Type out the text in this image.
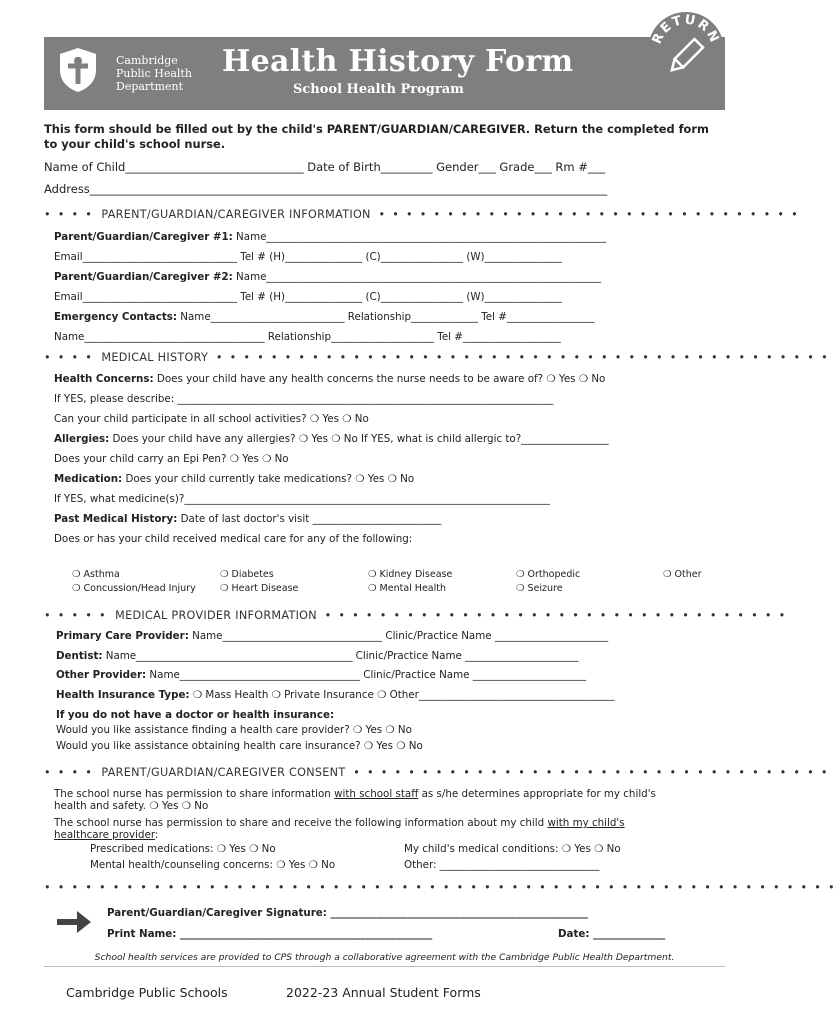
Cambridge
Public Health
Department
Health History Form
School Health Program
RETURN
This form should be filled out by the child's PARENT/GUARDIAN/CAREGIVER. Return the completed form to your child's school nurse.
Name of Child_______________________________ Date of Birth_________ Gender___ Grade___ Rm #___
Address__________________________________________________________________________________________
• • • • PARENT/GUARDIAN/CAREGIVER INFORMATION • • • • • • • • • • • • • • • • • • • • • • • • • • • • • • •
Parent/Guardian/Caregiver #1: Name__________________________________________________________________
Email______________________________ Tel # (H)_______________ (C)________________ (W)_______________
Parent/Guardian/Caregiver #2: Name_________________________________________________________________
Email______________________________ Tel # (H)_______________ (C)________________ (W)_______________
Emergency Contacts: Name__________________________ Relationship_____________ Tel #_________________
Name___________________________________ Relationship____________________ Tel #___________________
• • • • MEDICAL HISTORY • • • • • • • • • • • • • • • • • • • • • • • • • • • • • • • • • • • • • • • • • • • • •
Health Concerns: Does your child have any health concerns the nurse needs to be aware of? ❍ Yes ❍ No
If YES, please describe: _________________________________________________________________________
Can your child participate in all school activities? ❍ Yes ❍ No
Allergies: Does your child have any allergies? ❍ Yes ❍ No If YES, what is child allergic to?_________________
Does your child carry an Epi Pen? ❍ Yes ❍ No
Medication: Does your child currently take medications? ❍ Yes ❍ No
If YES, what medicine(s)?_______________________________________________________________________
Past Medical History: Date of last doctor's visit _________________________
Does or has your child received medical care for any of the following:
❍ Asthma	❍ Diabetes	❍ Kidney Disease	❍ Orthopedic	❍ Other
❍ Concussion/Head Injury	❍ Heart Disease	❍ Mental Health	❍ Seizure
• • • • • MEDICAL PROVIDER INFORMATION • • • • • • • • • • • • • • • • • • • • • • • • • • • • • • • • • •
Primary Care Provider: Name_______________________________ Clinic/Practice Name ______________________
Dentist: Name__________________________________________ Clinic/Practice Name ______________________
Other Provider: Name___________________________________ Clinic/Practice Name ______________________
Health Insurance Type: ❍ Mass Health ❍ Private Insurance ❍ Other______________________________________
If you do not have a doctor or health insurance:
Would you like assistance finding a health care provider? ❍ Yes ❍ No
Would you like assistance obtaining health care insurance? ❍ Yes ❍ No
• • • • PARENT/GUARDIAN/CAREGIVER CONSENT • • • • • • • • • • • • • • • • • • • • • • • • • • • • • • • • • • •
The school nurse has permission to share information with school staff as s/he determines appropriate for my child's
health and safety. ❍ Yes ❍ No
The school nurse has permission to share and receive the following information about my child with my child's
healthcare provider:
Prescribed medications: ❍ Yes ❍ No
Mental health/counseling concerns: ❍ Yes ❍ No
My child's medical conditions: ❍ Yes ❍ No
Other: _______________________________
• • • • • • • • • • • • • • • • • • • • • • • • • • • • • • • • • • • • • • • • • • • • • • • • • • • • • • • • • •
Parent/Guardian/Caregiver Signature: __________________________________________________
Print Name: _________________________________________________	Date: ______________
School health services are provided to CPS through a collaborative agreement with the Cambridge Public Health Department.
Cambridge Public Schools	2022-23 Annual Student Forms
